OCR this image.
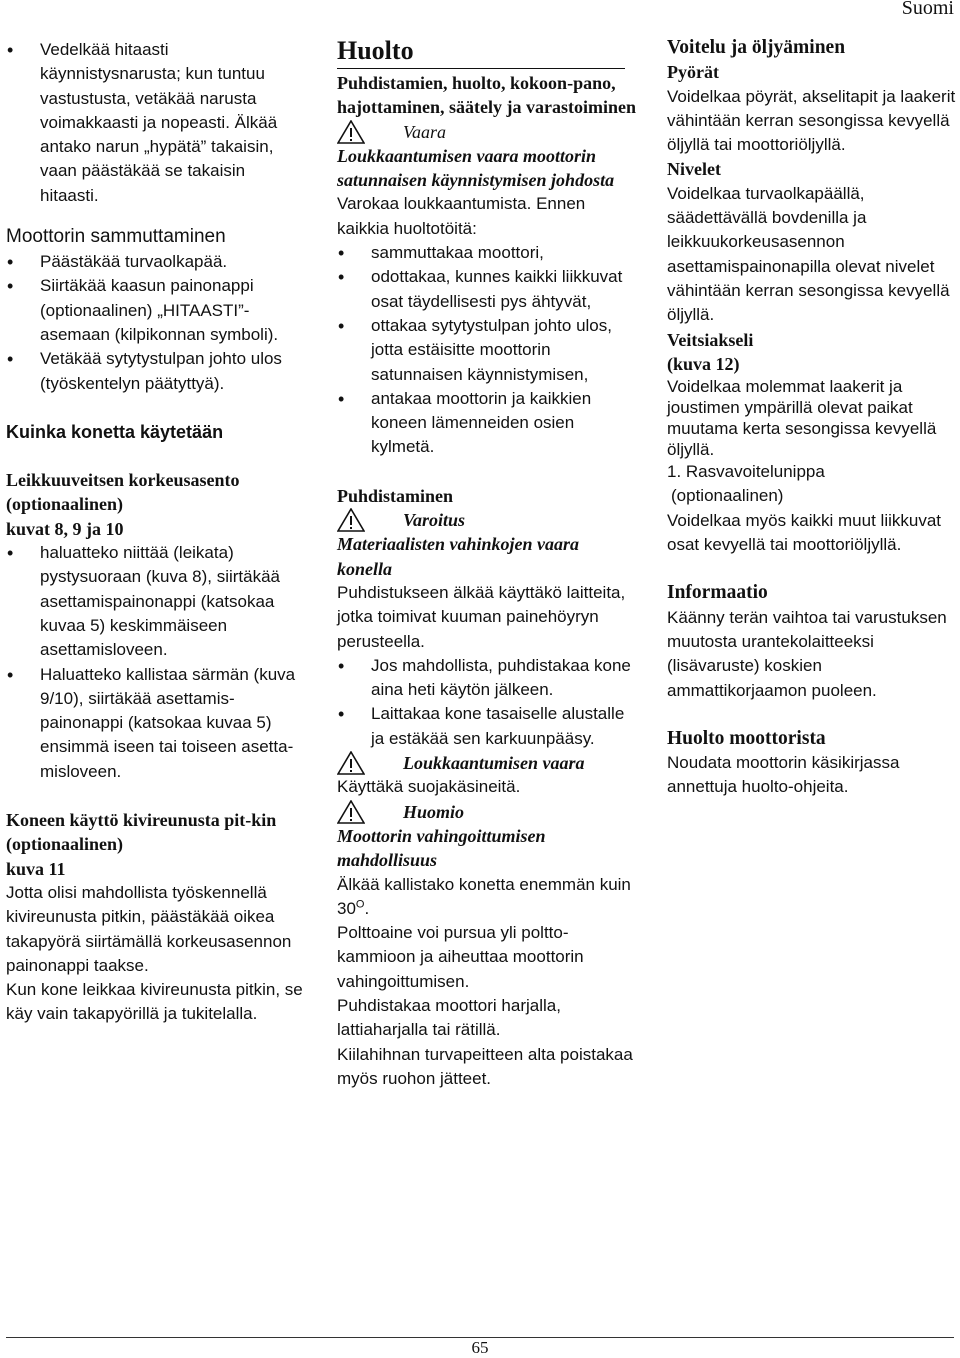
Suomi
• Vedelkää hitaasti käynnistysnarusta; kun tuntuu vastustusta, vetäkää narusta voimakkaasti ja nopeasti. Älkää antako narun „hypätä” takaisin, vaan päästäkää se takaisin hitaasti.

Moottorin sammuttaminen

• Päästäkää turvaolkapää.
• Siirtäkää kaasun painonappi (optionaalinen) „HITAASTI”-asemaan (kilpikonnan symboli).
• Vetäkää sytytystulpan johto ulos (työskentelyn päätyttyä).

Kuinka konetta käytetään

Leikkuuveitsen korkeusasento (optionaalinen)

kuvat 8, 9 ja 10

• haluatteko niittää (leikata) pystysuoraan (kuva 8), siirtäkää asettamispainonappi (katsokaa kuvaa 5) keskimmäiseen asettamisloveen.
• Haluatteko kallistaa särmän (kuva 9/10), siirtäkää asettamis-painonappi (katsokaa kuvaa 5) ensimmä iseen tai toiseen asetta-misloveen.

Koneen käyttö kivireunusta pit-kin (optionaalinen)

kuva 11

Jotta olisi mahdollista työskennellä kivireunusta pitkin, päästäkää oikea takapyörä siirtämällä korkeusasennon painonappi taakse.

Kun kone leikkaa kivireunusta pitkin, se käy vain takapyörillä ja tukitelalla.

Huolto

Puhdistamien, huolto, kokoon-pano, hajottaminen, säätely ja varastoiminen

Vaara

Loukkaantumisen vaara moottorin satunnaisen käynnistymisen johdosta

Varokaa loukkaantumista. Ennen kaikkia huoltotöitä:

• sammuttakaa moottori,
• odottakaa, kunnes kaikki liikkuvat osat täydellisesti pys ähtyvät,
• ottakaa sytytystulpan johto ulos, jotta estäisitte moottorin satunnaisen käynnistymisen,
• antakaa moottorin ja kaikkien koneen lämenneiden osien kylmetä.

Puhdistaminen

Varoitus

Materiaalisten vahinkojen vaara konella

Puhdistukseen älkää käyttäkö laitteita, jotka toimivat kuuman painehöyryn perusteella.

• Jos mahdollista, puhdistakaa kone aina heti käytön jälkeen.
• Laittakaa kone tasaiselle alustalle ja estäkää sen karkuunpääsy.
Loukkaantumisen vaara

Käyttäkä suojakäsineitä.

Huomio

Moottorin vahingoittumisen mahdollisuus

Älkää kallistako konetta enemmän kuin $30^O$.

Polttoaine voi pursua yli poltto-kammioon ja aiheuttaa moottorin vahingoittumisen.

Puhdistakaa moottori harjalla, lattiaharjalla tai rätillä.

Kiilahihnan turvapeitteen alta poistakaa myös ruohon jätteet.

Voitelu ja öljyäminen

Pyörät

Voidelkaa pöyrät, akselitapit ja laakerit vähintään kerran sesongissa kevyellä öljyllä tai moottoriöljyllä.

Nivelet

Voidelkaa turvaolkapäällä, säädettävällä bovdenilla ja leikkuukorkeusasennon asettamispainonapilla olevat nivelet vähintään kerran sesongissa kevyellä öljyllä.

Veitsiakseli

(kuva 12)

Voidelkaa molemmat laakerit ja joustimen ympärillä olevat paikat muutama kerta sesongissa kevyellä öljyllä.

1. Rasvavoitelunippa

(optionaalinen)

Voidelkaa myös kaikki muut liikkuvat osat kevyellä tai moottoriöljyllä.

Informaatio

Käänny terän vaihtoa tai varustuksen muutosta urantekolaitteeksi (lisävaruste) koskien ammattikorjaamon puoleen.

Huolto moottorista

Noudata moottorin käsikirjassa annettuja huolto-ohjeita.

65
